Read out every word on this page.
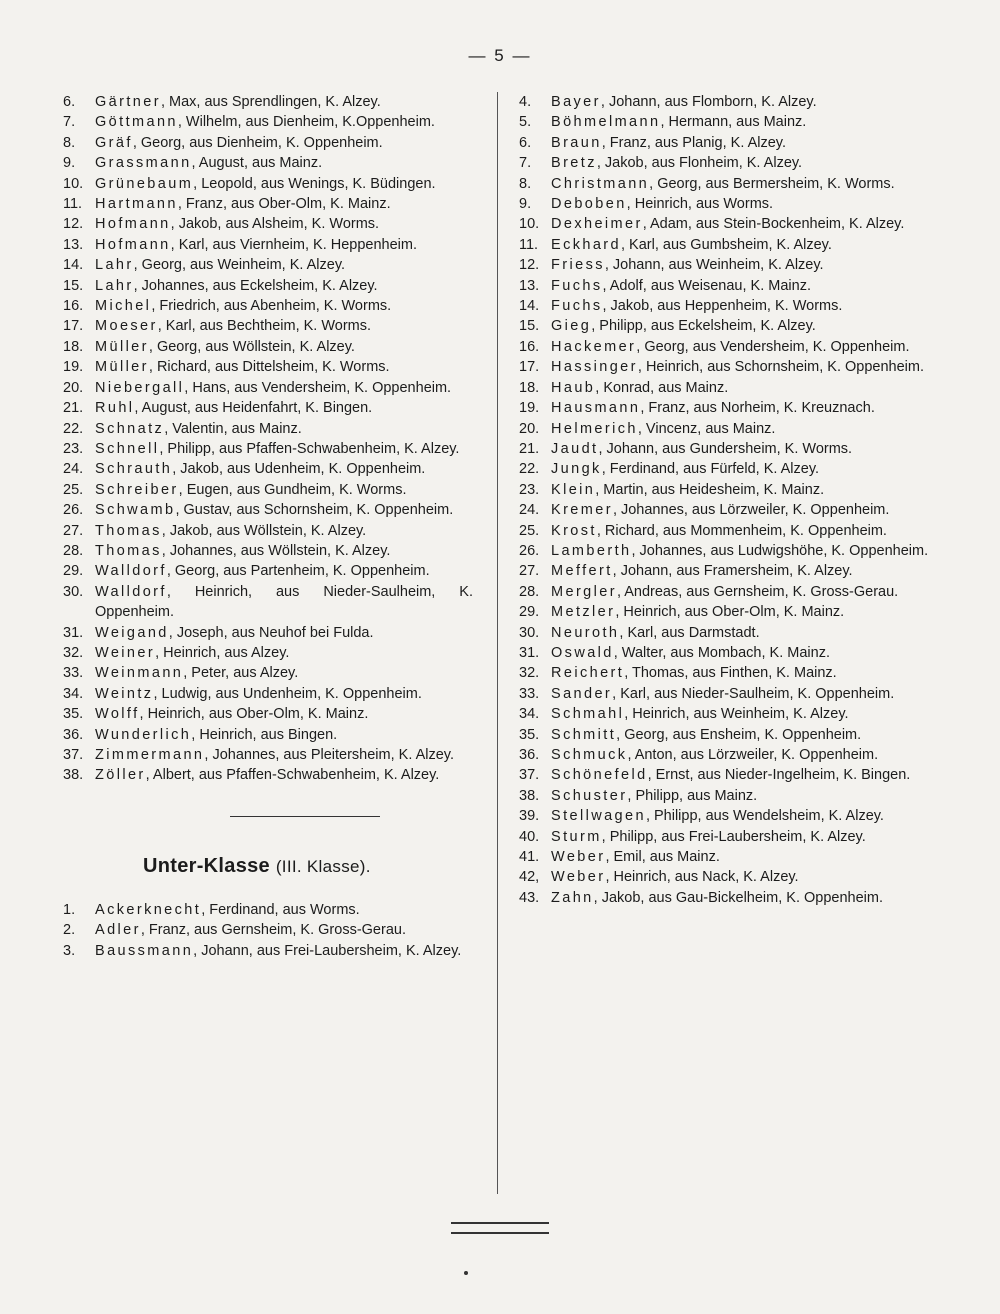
— 5 —
6.	Gärtner, Max, aus Sprendlingen, K. Alzey.
7.	Göttmann, Wilhelm, aus Dienheim, K.Oppenheim.
8.	Gräf, Georg, aus Dienheim, K. Oppenheim.
9.	Grassmann, August, aus Mainz.
10. Grünebaum, Leopold, aus Wenings, K. Büdingen.
11. Hartmann, Franz, aus Ober-Olm, K. Mainz.
12. Hofmann, Jakob, aus Alsheim, K. Worms.
13. Hofmann, Karl, aus Viernheim, K. Heppenheim.
14. Lahr, Georg, aus Weinheim, K. Alzey.
15. Lahr, Johannes, aus Eckelsheim, K. Alzey.
16. Michel, Friedrich, aus Abenheim, K. Worms.
17. Moeser, Karl, aus Bechtheim, K. Worms.
18. Müller, Georg, aus Wöllstein, K. Alzey.
19. Müller, Richard, aus Dittelsheim, K. Worms.
20. Niebergall, Hans, aus Vendersheim, K. Oppenheim.
21. Ruhl, August, aus Heidenfahrt, K. Bingen.
22. Schnatz, Valentin, aus Mainz.
23. Schnell, Philipp, aus Pfaffen-Schwabenheim, K. Alzey.
24. Schrauth, Jakob, aus Udenheim, K. Oppenheim.
25. Schreiber, Eugen, aus Gundheim, K. Worms.
26. Schwamb, Gustav, aus Schornsheim, K. Oppenheim.
27. Thomas, Jakob, aus Wöllstein, K. Alzey.
28. Thomas, Johannes, aus Wöllstein, K. Alzey.
29. Walldorf, Georg, aus Partenheim, K. Oppenheim.
30. Walldorf, Heinrich, aus Nieder-Saulheim, K. Oppenheim.
31. Weigand, Joseph, aus Neuhof bei Fulda.
32. Weiner, Heinrich, aus Alzey.
33. Weinmann, Peter, aus Alzey.
34. Weintz, Ludwig, aus Undenheim, K. Oppenheim.
35. Wolff, Heinrich, aus Ober-Olm, K. Mainz.
36. Wunderlich, Heinrich, aus Bingen.
37. Zimmermann, Johannes, aus Pleitersheim, K. Alzey.
38. Zöller, Albert, aus Pfaffen-Schwabenheim, K. Alzey.
Unter-Klasse (III. Klasse).
1.	Ackerknecht, Ferdinand, aus Worms.
2.	Adler, Franz, aus Gernsheim, K. Gross-Gerau.
3.	Baussmann, Johann, aus Frei-Laubersheim, K. Alzey.
4.	Bayer, Johann, aus Flomborn, K. Alzey.
5.	Böhmelmann, Hermann, aus Mainz.
6.	Braun, Franz, aus Planig, K. Alzey.
7.	Bretz, Jakob, aus Flonheim, K. Alzey.
8.	Christmann, Georg, aus Bermersheim, K. Worms.
9.	Deboben, Heinrich, aus Worms.
10. Dexheimer, Adam, aus Stein-Bockenheim, K. Alzey.
11. Eckhard, Karl, aus Gumbsheim, K. Alzey.
12. Friess, Johann, aus Weinheim, K. Alzey.
13. Fuchs, Adolf, aus Weisenau, K. Mainz.
14. Fuchs, Jakob, aus Heppenheim, K. Worms.
15. Gieg, Philipp, aus Eckelsheim, K. Alzey.
16. Hackemer, Georg, aus Vendersheim, K. Oppenheim.
17. Hassinger, Heinrich, aus Schornsheim, K. Oppenheim.
18. Haub, Konrad, aus Mainz.
19. Hausmann, Franz, aus Norheim, K. Kreuznach.
20. Helmerich, Vincenz, aus Mainz.
21. Jaudt, Johann, aus Gundersheim, K. Worms.
22. Jungk, Ferdinand, aus Fürfeld, K. Alzey.
23. Klein, Martin, aus Heidesheim, K. Mainz.
24. Kremer, Johannes, aus Lörzweiler, K. Oppenheim.
25. Krost, Richard, aus Mommenheim, K. Oppenheim.
26. Lamberth, Johannes, aus Ludwigshöhe, K. Oppenheim.
27. Meffert, Johann, aus Framersheim, K. Alzey.
28. Mergler, Andreas, aus Gernsheim, K. Gross-Gerau.
29. Metzler, Heinrich, aus Ober-Olm, K. Mainz.
30. Neuroth, Karl, aus Darmstadt.
31. Oswald, Walter, aus Mombach, K. Mainz.
32. Reichert, Thomas, aus Finthen, K. Mainz.
33. Sander, Karl, aus Nieder-Saulheim, K. Oppenheim.
34. Schmahl, Heinrich, aus Weinheim, K. Alzey.
35. Schmitt, Georg, aus Ensheim, K. Oppenheim.
36. Schmuck, Anton, aus Lörzweiler, K. Oppenheim.
37. Schönefeld, Ernst, aus Nieder-Ingelheim, K. Bingen.
38. Schuster, Philipp, aus Mainz.
39. Stellwagen, Philipp, aus Wendelsheim, K. Alzey.
40. Sturm, Philipp, aus Frei-Laubersheim, K. Alzey.
41. Weber, Emil, aus Mainz.
42, Weber, Heinrich, aus Nack, K. Alzey.
43. Zahn, Jakob, aus Gau-Bickelheim, K. Oppenheim.
